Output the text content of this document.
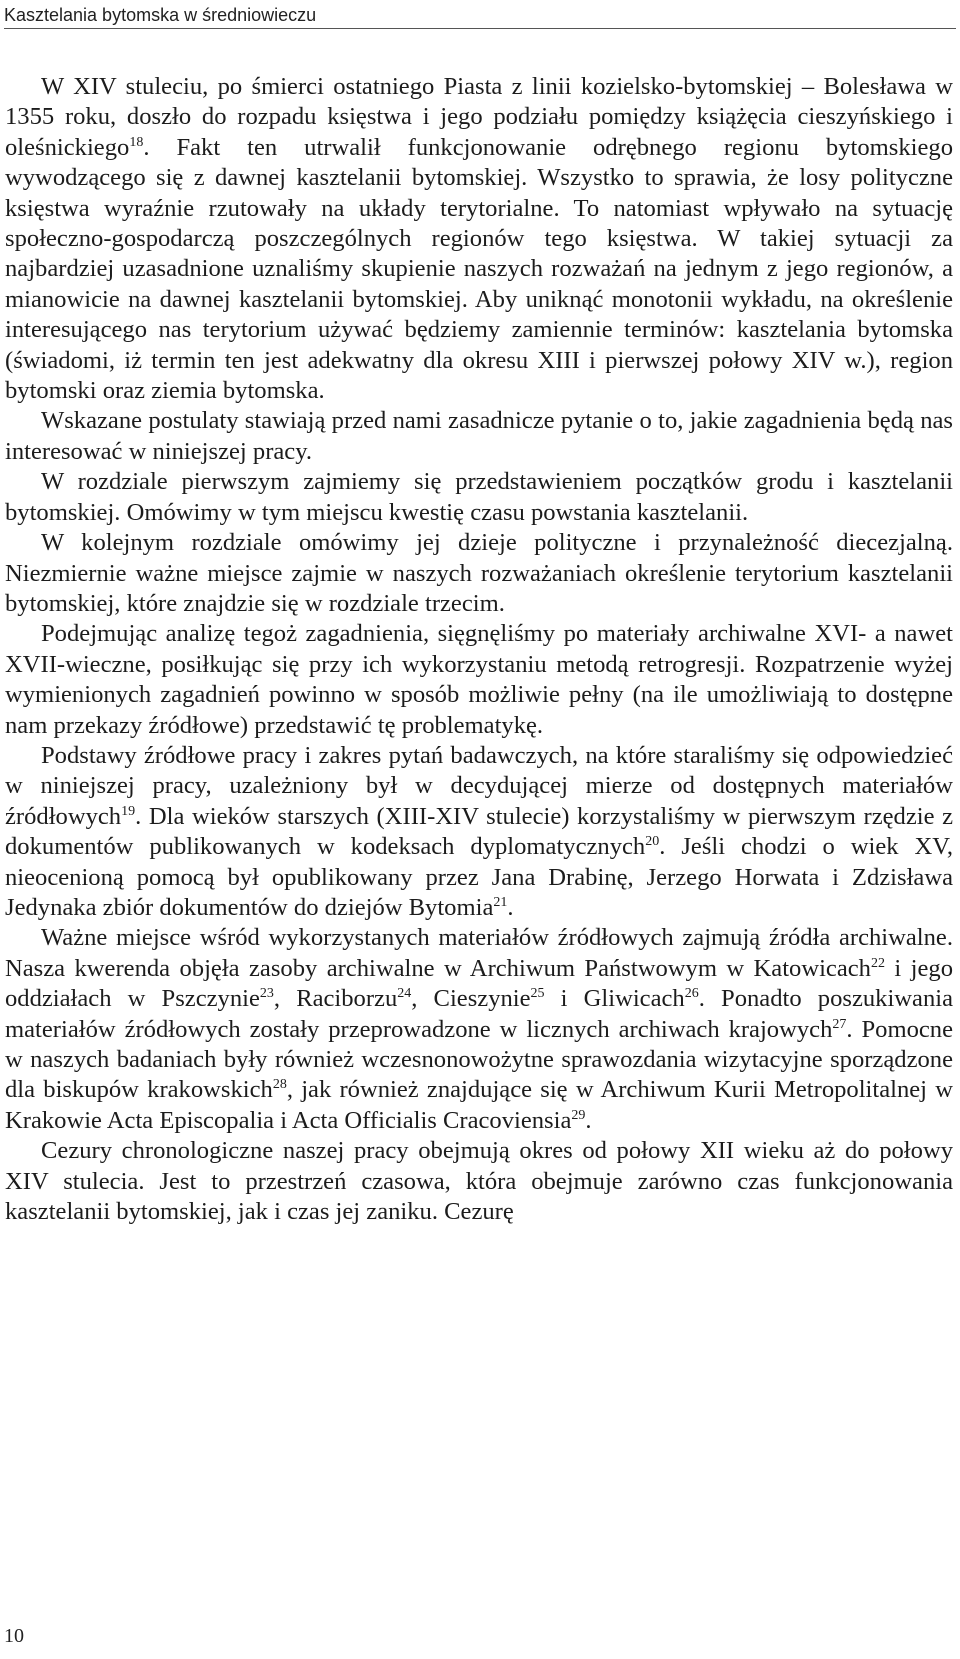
Kasztelania bytomska w średniowieczu

W XIV stuleciu, po śmierci ostatniego Piasta z linii kozielsko-bytomskiej – Bolesława w 1355 roku, doszło do rozpadu księstwa i jego podziału pomiędzy książęcia cieszyńskiego i oleśnickiego$^{18}$. Fakt ten utrwalił funkcjonowanie odrębnego regionu bytomskiego wywodzącego się z dawnej kasztelanii bytomskiej. Wszystko to sprawia, że losy polityczne księstwa wyraźnie rzutowały na układy terytorialne. To natomiast wpływało na sytuację społeczno-gospodarczą poszczególnych regionów tego księstwa. W takiej sytuacji za najbardziej uzasadnione uznaliśmy skupienie naszych rozważań na jednym z jego regionów, a mianowicie na dawnej kasztelanii bytomskiej. Aby uniknąć monotonii wykładu, na określenie interesującego nas terytorium używać będziemy zamiennie terminów: kasztelania bytomska (świadomi, iż termin ten jest adekwatny dla okresu XIII i pierwszej połowy XIV w.), region bytomski oraz ziemia bytomska.

Wskazane postulaty stawiają przed nami zasadnicze pytanie o to, jakie zagadnienia będą nas interesować w niniejszej pracy.

W rozdziale pierwszym zajmiemy się przedstawieniem początków grodu i kasztelanii bytomskiej. Omówimy w tym miejscu kwestię czasu powstania kasztelanii.

W kolejnym rozdziale omówimy jej dzieje polityczne i przynależność diecezjalną. Niezmiernie ważne miejsce zajmie w naszych rozważaniach określenie terytorium kasztelanii bytomskiej, które znajdzie się w rozdziale trzecim.

Podejmując analizę tegoż zagadnienia, sięgnęliśmy po materiały archiwalne XVI- a nawet XVII-wieczne, posiłkując się przy ich wykorzystaniu metodą retrogresji. Rozpatrzenie wyżej wymienionych zagadnień powinno w sposób możliwie pełny (na ile umożliwiają to dostępne nam przekazy źródłowe) przedstawić tę problematykę.

Podstawy źródłowe pracy i zakres pytań badawczych, na które staraliśmy się odpowiedzieć w niniejszej pracy, uzależniony był w decydującej mierze od dostępnych materiałów źródłowych$^{19}$. Dla wieków starszych (XIII-XIV stulecie) korzystaliśmy w pierwszym rzędzie z dokumentów publikowanych w kodeksach dyplomatycznych$^{20}$. Jeśli chodzi o wiek XV, nieocenioną pomocą był opublikowany przez Jana Drabinę, Jerzego Horwata i Zdzisława Jedynaka zbiór dokumentów do dziejów Bytomia$^{21}$.

Ważne miejsce wśród wykorzystanych materiałów źródłowych zajmują źródła archiwalne. Nasza kwerenda objęła zasoby archiwalne w Archiwum Państwowym w Katowicach$^{22}$ i jego oddziałach w Pszczynie$^{23}$, Raciborzu$^{24}$, Cieszynie$^{25}$ i Gliwicach$^{26}$. Ponadto poszukiwania materiałów źródłowych zostały przeprowadzone w licznych archiwach krajowych$^{27}$. Pomocne w naszych badaniach były również wczesnonowożytne sprawozdania wizytacyjne sporządzone dla biskupów krakowskich$^{28}$, jak również znajdujące się w Archiwum Kurii Metropolitalnej w Krakowie Acta Episcopalia i Acta Officialis Cracoviensia$^{29}$.

Cezury chronologiczne naszej pracy obejmują okres od połowy XII wieku aż do połowy XIV stulecia. Jest to przestrzeń czasowa, która obejmuje zarówno czas funkcjonowania kasztelanii bytomskiej, jak i czas jej zaniku. Cezurę

10
